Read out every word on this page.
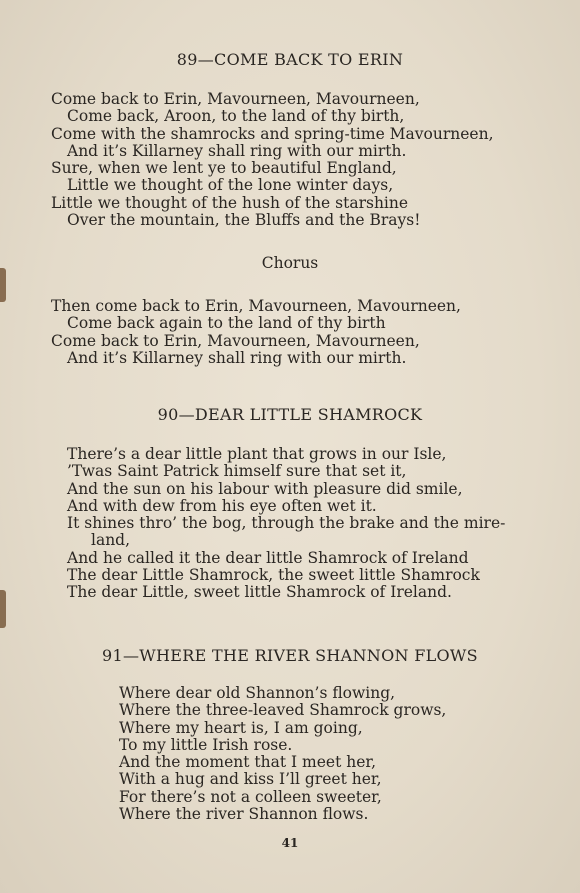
89—COME BACK TO ERIN
Come back to Erin, Mavourneen, Mavourneen,
Come back, Aroon, to the land of thy birth,
Come with the shamrocks and spring-time Mavourneen,
And it’s Killarney shall ring with our mirth.
Sure, when we lent ye to beautiful England,
Little we thought of the lone winter days,
Little we thought of the hush of the starshine
Over the mountain, the Bluffs and the Brays!
Chorus
Then come back to Erin, Mavourneen, Mavourneen,
Come back again to the land of thy birth
Come back to Erin, Mavourneen, Mavourneen,
And it’s Killarney shall ring with our mirth.
90—DEAR LITTLE SHAMROCK
There’s a dear little plant that grows in our Isle,
’Twas Saint Patrick himself sure that set it,
And the sun on his labour with pleasure did smile,
And with dew from his eye often wet it.
It shines thro’ the bog, through the brake and the mire-
land,
And he called it the dear little Shamrock of Ireland
The dear Little Shamrock, the sweet little Shamrock
The dear Little, sweet little Shamrock of Ireland.
91—WHERE THE RIVER SHANNON FLOWS
Where dear old Shannon’s flowing,
Where the three-leaved Shamrock grows,
Where my heart is, I am going,
To my little Irish rose.
And the moment that I meet her,
With a hug and kiss I’ll greet her,
For there’s not a colleen sweeter,
Where the river Shannon flows.
41
